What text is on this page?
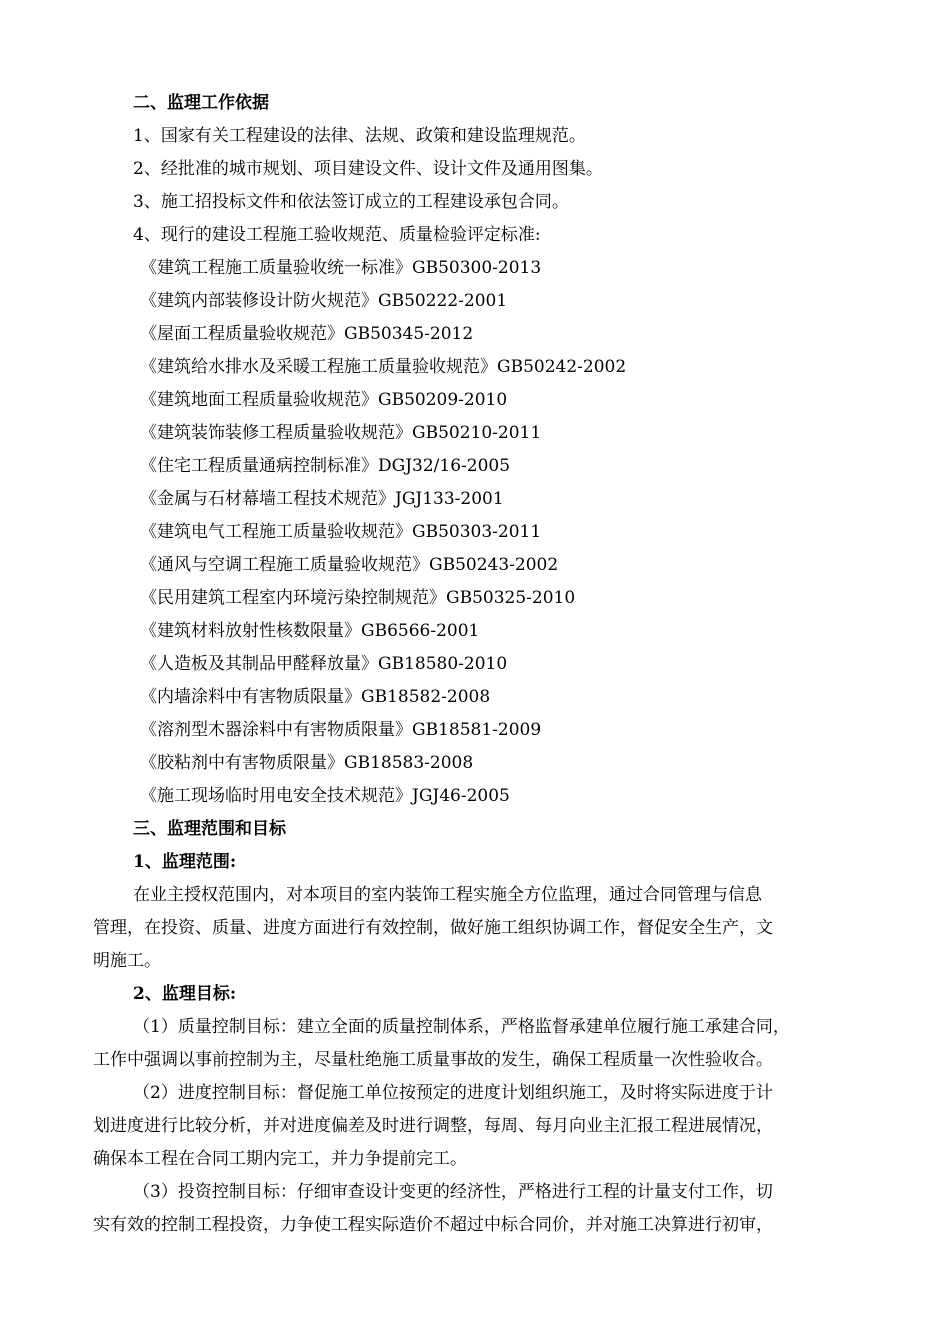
二、监理工作依据
1、国家有关工程建设的法律、法规、政策和建设监理规范。
2、经批准的城市规划、项目建设文件、设计文件及通用图集。
3、施工招投标文件和依法签订成立的工程建设承包合同。
4、现行的建设工程施工验收规范、质量检验评定标准:
《建筑工程施工质量验收统一标准》GB50300-2013
《建筑内部装修设计防火规范》GB50222-2001
《屋面工程质量验收规范》GB50345-2012
《建筑给水排水及采暖工程施工质量验收规范》GB50242-2002
《建筑地面工程质量验收规范》GB50209-2010
《建筑装饰装修工程质量验收规范》GB50210-2011
《住宅工程质量通病控制标准》DGJ32/16-2005
《金属与石材幕墙工程技术规范》JGJ133-2001
《建筑电气工程施工质量验收规范》GB50303-2011
《通风与空调工程施工质量验收规范》GB50243-2002
《民用建筑工程室内环境污染控制规范》GB50325-2010
《建筑材料放射性核数限量》GB6566-2001
《人造板及其制品甲醛释放量》GB18580-2010
《内墙涂料中有害物质限量》GB18582-2008
《溶剂型木器涂料中有害物质限量》GB18581-2009
《胶粘剂中有害物质限量》GB18583-2008
《施工现场临时用电安全技术规范》JGJ46-2005
三、监理范围和目标
1、监理范围:
在业主授权范围内，对本项目的室内装饰工程实施全方位监理，通过合同管理与信息
管理，在投资、质量、进度方面进行有效控制，做好施工组织协调工作，督促安全生产，文
明施工。
2、监理目标:
（1）质量控制目标：建立全面的质量控制体系，严格监督承建单位履行施工承建合同，
工作中强调以事前控制为主，尽量杜绝施工质量事故的发生，确保工程质量一次性验收合。
（2）进度控制目标：督促施工单位按预定的进度计划组织施工，及时将实际进度于计
划进度进行比较分析，并对进度偏差及时进行调整，每周、每月向业主汇报工程进展情况，
确保本工程在合同工期内完工，并力争提前完工。
（3）投资控制目标：仔细审查设计变更的经济性，严格进行工程的计量支付工作，切
实有效的控制工程投资，力争使工程实际造价不超过中标合同价，并对施工决算进行初审，
